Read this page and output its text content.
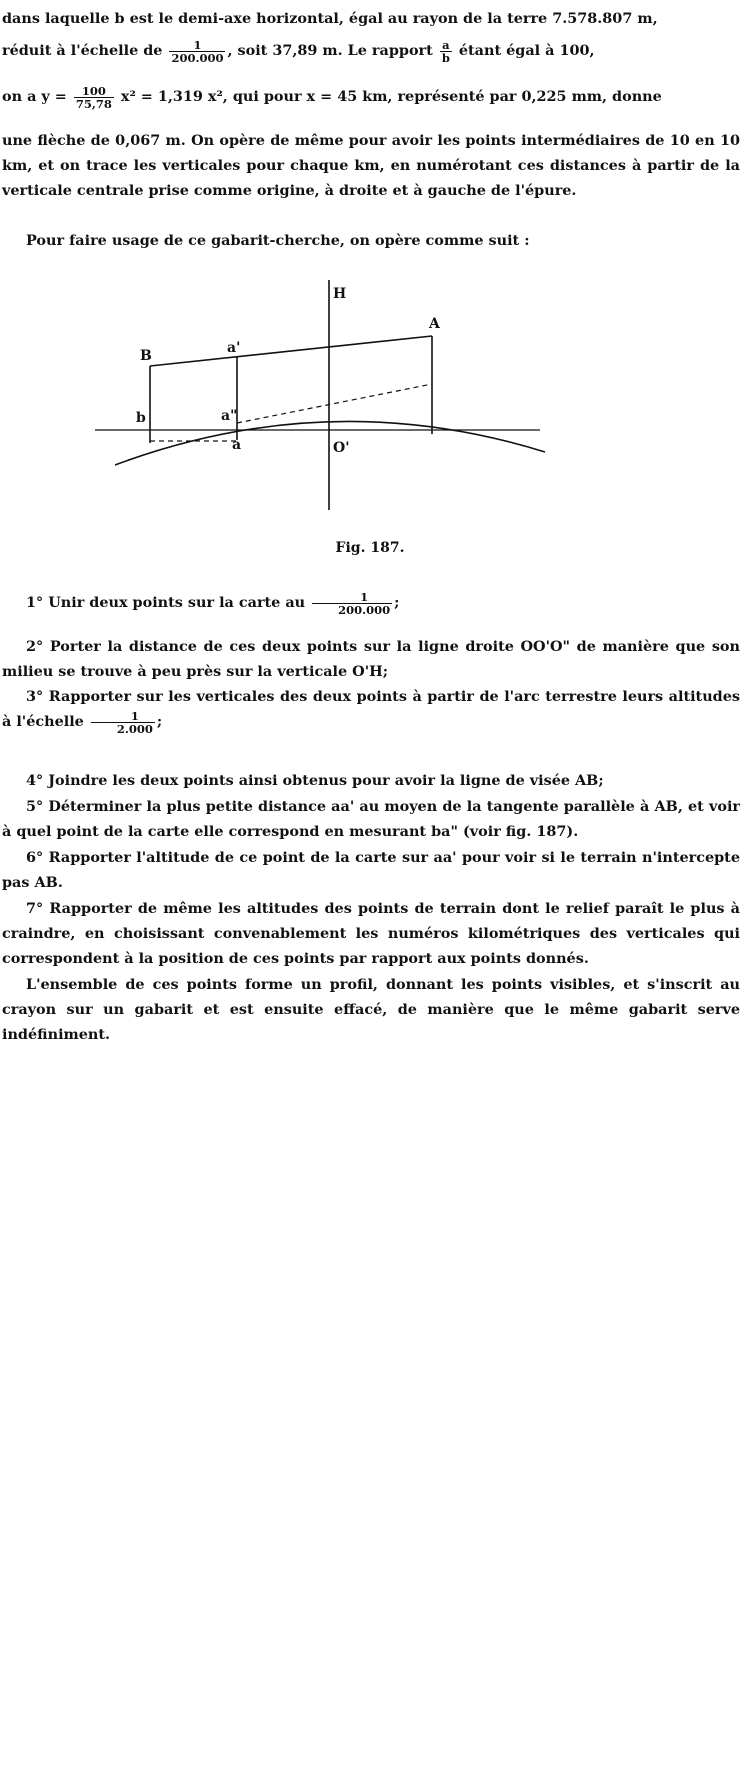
dans laquelle b est le demi-axe horizontal, égal au rayon de la terre 7.578.807 m,

réduit à l'échelle de $\frac{1}{200.000}$ , soit 37,89 m. Le rapport $\frac{a}{b}$ étant égal à 100,

on a $y = \frac{100}{75,78} x^2 = 1,319$ x², qui pour x = 45 km, représenté par 0,225 mm, donne

une flèche de 0,067 m. On opère de même pour avoir les points intermédiaires de 10 en 10 km, et on trace les verticales pour chaque km, en numérotant ces distances à partir de la verticale centrale prise comme origine, à droite et à gauche de l'épure.

Pour faire usage de ce gabarit-cherche, on opère comme suit :

H
A
B	a'
b	a"
a	O'
Fig. 187.

1° Unir deux points sur la carte au $\frac{1}{200.000}$ ;

2° Porter la distance de ces deux points sur la ligne droite OO'O" de manière que son milieu se trouve à peu près sur la verticale O'H;

3° Rapporter sur les verticales des deux points à partir de l'arc terrestre leurs altitudes à l'échelle $\frac{1}{2.000}$ ;

4° Joindre les deux points ainsi obtenus pour avoir la ligne de visée AB;

5° Déterminer la plus petite distance aa' au moyen de la tangente parallèle à AB, et voir à quel point de la carte elle correspond en mesurant ba" (voir fig. 187).

6° Rapporter l'altitude de ce point de la carte sur aa' pour voir si le terrain n'intercepte pas AB.

7° Rapporter de même les altitudes des points de terrain dont le relief paraît le plus à craindre, en choisissant convenablement les numéros kilométriques des verticales qui correspondent à la position de ces points par rapport aux points donnés.

L'ensemble de ces points forme un profil, donnant les points visibles, et s'inscrit au crayon sur un gabarit et est ensuite effacé, de manière que le même gabarit serve indéfiniment.
